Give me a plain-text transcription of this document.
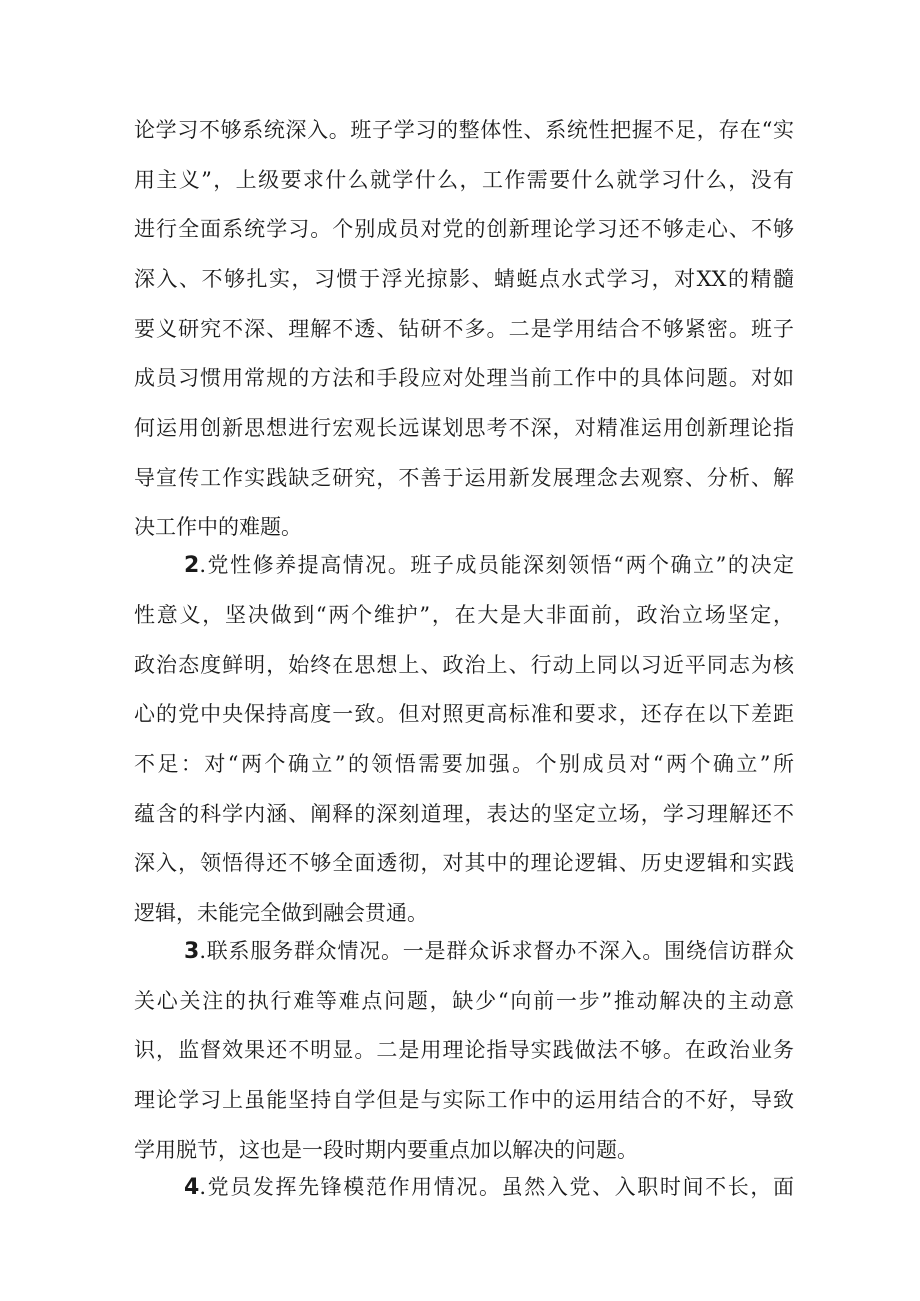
论学习不够系统深入。班子学习的整体性、系统性把握不足，存在“实
用主义”，上级要求什么就学什么，工作需要什么就学习什么，没有
进行全面系统学习。个别成员对党的创新理论学习还不够走心、不够
深入、不够扎实，习惯于浮光掠影、蜻蜓点水式学习，对XX的精髓
要义研究不深、理解不透、钻研不多。二是学用结合不够紧密。班子
成员习惯用常规的方法和手段应对处理当前工作中的具体问题。对如
何运用创新思想进行宏观长远谋划思考不深，对精准运用创新理论指
导宣传工作实践缺乏研究，不善于运用新发展理念去观察、分析、解
决工作中的难题。
2.党性修养提高情况。班子成员能深刻领悟“两个确立”的决定
性意义，坚决做到“两个维护”，在大是大非面前，政治立场坚定，
政治态度鲜明，始终在思想上、政治上、行动上同以习近平同志为核
心的党中央保持高度一致。但对照更高标准和要求，还存在以下差距
不足：对“两个确立”的领悟需要加强。个别成员对“两个确立”所
蕴含的科学内涵、阐释的深刻道理，表达的坚定立场，学习理解还不
深入，领悟得还不够全面透彻，对其中的理论逻辑、历史逻辑和实践
逻辑，未能完全做到融会贯通。
3.联系服务群众情况。一是群众诉求督办不深入。围绕信访群众
关心关注的执行难等难点问题，缺少“向前一步”推动解决的主动意
识，监督效果还不明显。二是用理论指导实践做法不够。在政治业务
理论学习上虽能坚持自学但是与实际工作中的运用结合的不好，导致
学用脱节，这也是一段时期内要重点加以解决的问题。
4.党员发挥先锋模范作用情况。虽然入党、入职时间不长，面
